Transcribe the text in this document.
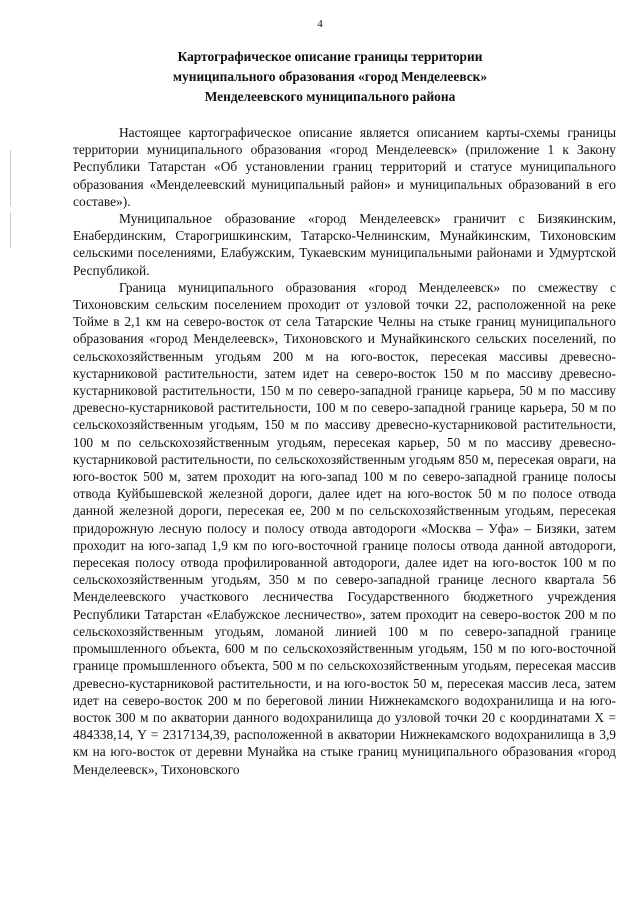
4
Картографическое описание границы территории
муниципального образования «город Менделеевск»
Менделеевского муниципального района

Настоящее картографическое описание является описанием карты-схемы границы территории муниципального образования «город Менделеевск» (приложение 1 к Закону Республики Татарстан «Об установлении границ территорий и статусе муниципального образования «Менделеевский муниципальный район» и муниципальных образований в его составе»).

Муниципальное образование «город Менделеевск» граничит с Бизякинским, Енабердинским, Старогришкинским, Татарско-Челнинским, Мунайкинским, Тихоновским сельскими поселениями, Елабужским, Тукаевским муниципальными районами и Удмуртской Республикой.

Граница муниципального образования «город Менделеевск» по смежеству с Тихоновским сельским поселением проходит от узловой точки 22, расположенной на реке Тойме в 2,1 км на северо-восток от села Татарские Челны на стыке границ муниципального образования «город Менделеевск», Тихоновского и Мунайкинского сельских поселений, по сельскохозяйственным угодьям 200 м на юго-восток, пересекая массивы древесно-кустарниковой растительности, затем идет на северо-восток 150 м по массиву древесно-кустарниковой растительности, 150 м по северо-западной границе карьера, 50 м по массиву древесно-кустарниковой растительности, 100 м по северо-западной границе карьера, 50 м по сельскохозяйственным угодьям, 150 м по массиву древесно-кустарниковой растительности, 100 м по сельскохозяйственным угодьям, пересекая карьер, 50 м по массиву древесно-кустарниковой растительности, по сельскохозяйственным угодьям 850 м, пересекая овраги, на юго-восток 500 м, затем проходит на юго-запад 100 м по северо-западной границе полосы отвода Куйбышевской железной дороги, далее идет на юго-восток 50 м по полосе отвода данной железной дороги, пересекая ее, 200 м по сельскохозяйственным угодьям, пересекая придорожную лесную полосу и полосу отвода автодороги «Москва – Уфа» – Бизяки, затем проходит на юго-запад 1,9 км по юго-восточной границе полосы отвода данной автодороги, пересекая полосу отвода профилированной автодороги, далее идет на юго-восток 100 м по сельскохозяйственным угодьям, 350 м по северо-западной границе лесного квартала 56 Менделеевского участкового лесничества Государственного бюджетного учреждения Республики Татарстан «Елабужское лесничество», затем проходит на северо-восток 200 м по сельскохозяйственным угодьям, ломаной линией 100 м по северо-западной границе промышленного объекта, 600 м по сельскохозяйственным угодьям, 150 м по юго-восточной границе промышленного объекта, 500 м по сельскохозяйственным угодьям, пересекая массив древесно-кустарниковой растительности, и на юго-восток 50 м, пересекая массив леса, затем идет на северо-восток 200 м по береговой линии Нижнекамского водохранилища и на юго-восток 300 м по акватории данного водохранилища до узловой точки 20 с координатами X = 484338,14, Y = 2317134,39, расположенной в акватории Нижнекамского водохранилища в 3,9 км на юго-восток от деревни Мунайка на стыке границ муниципального образования «город Менделеевск», Тихоновского
